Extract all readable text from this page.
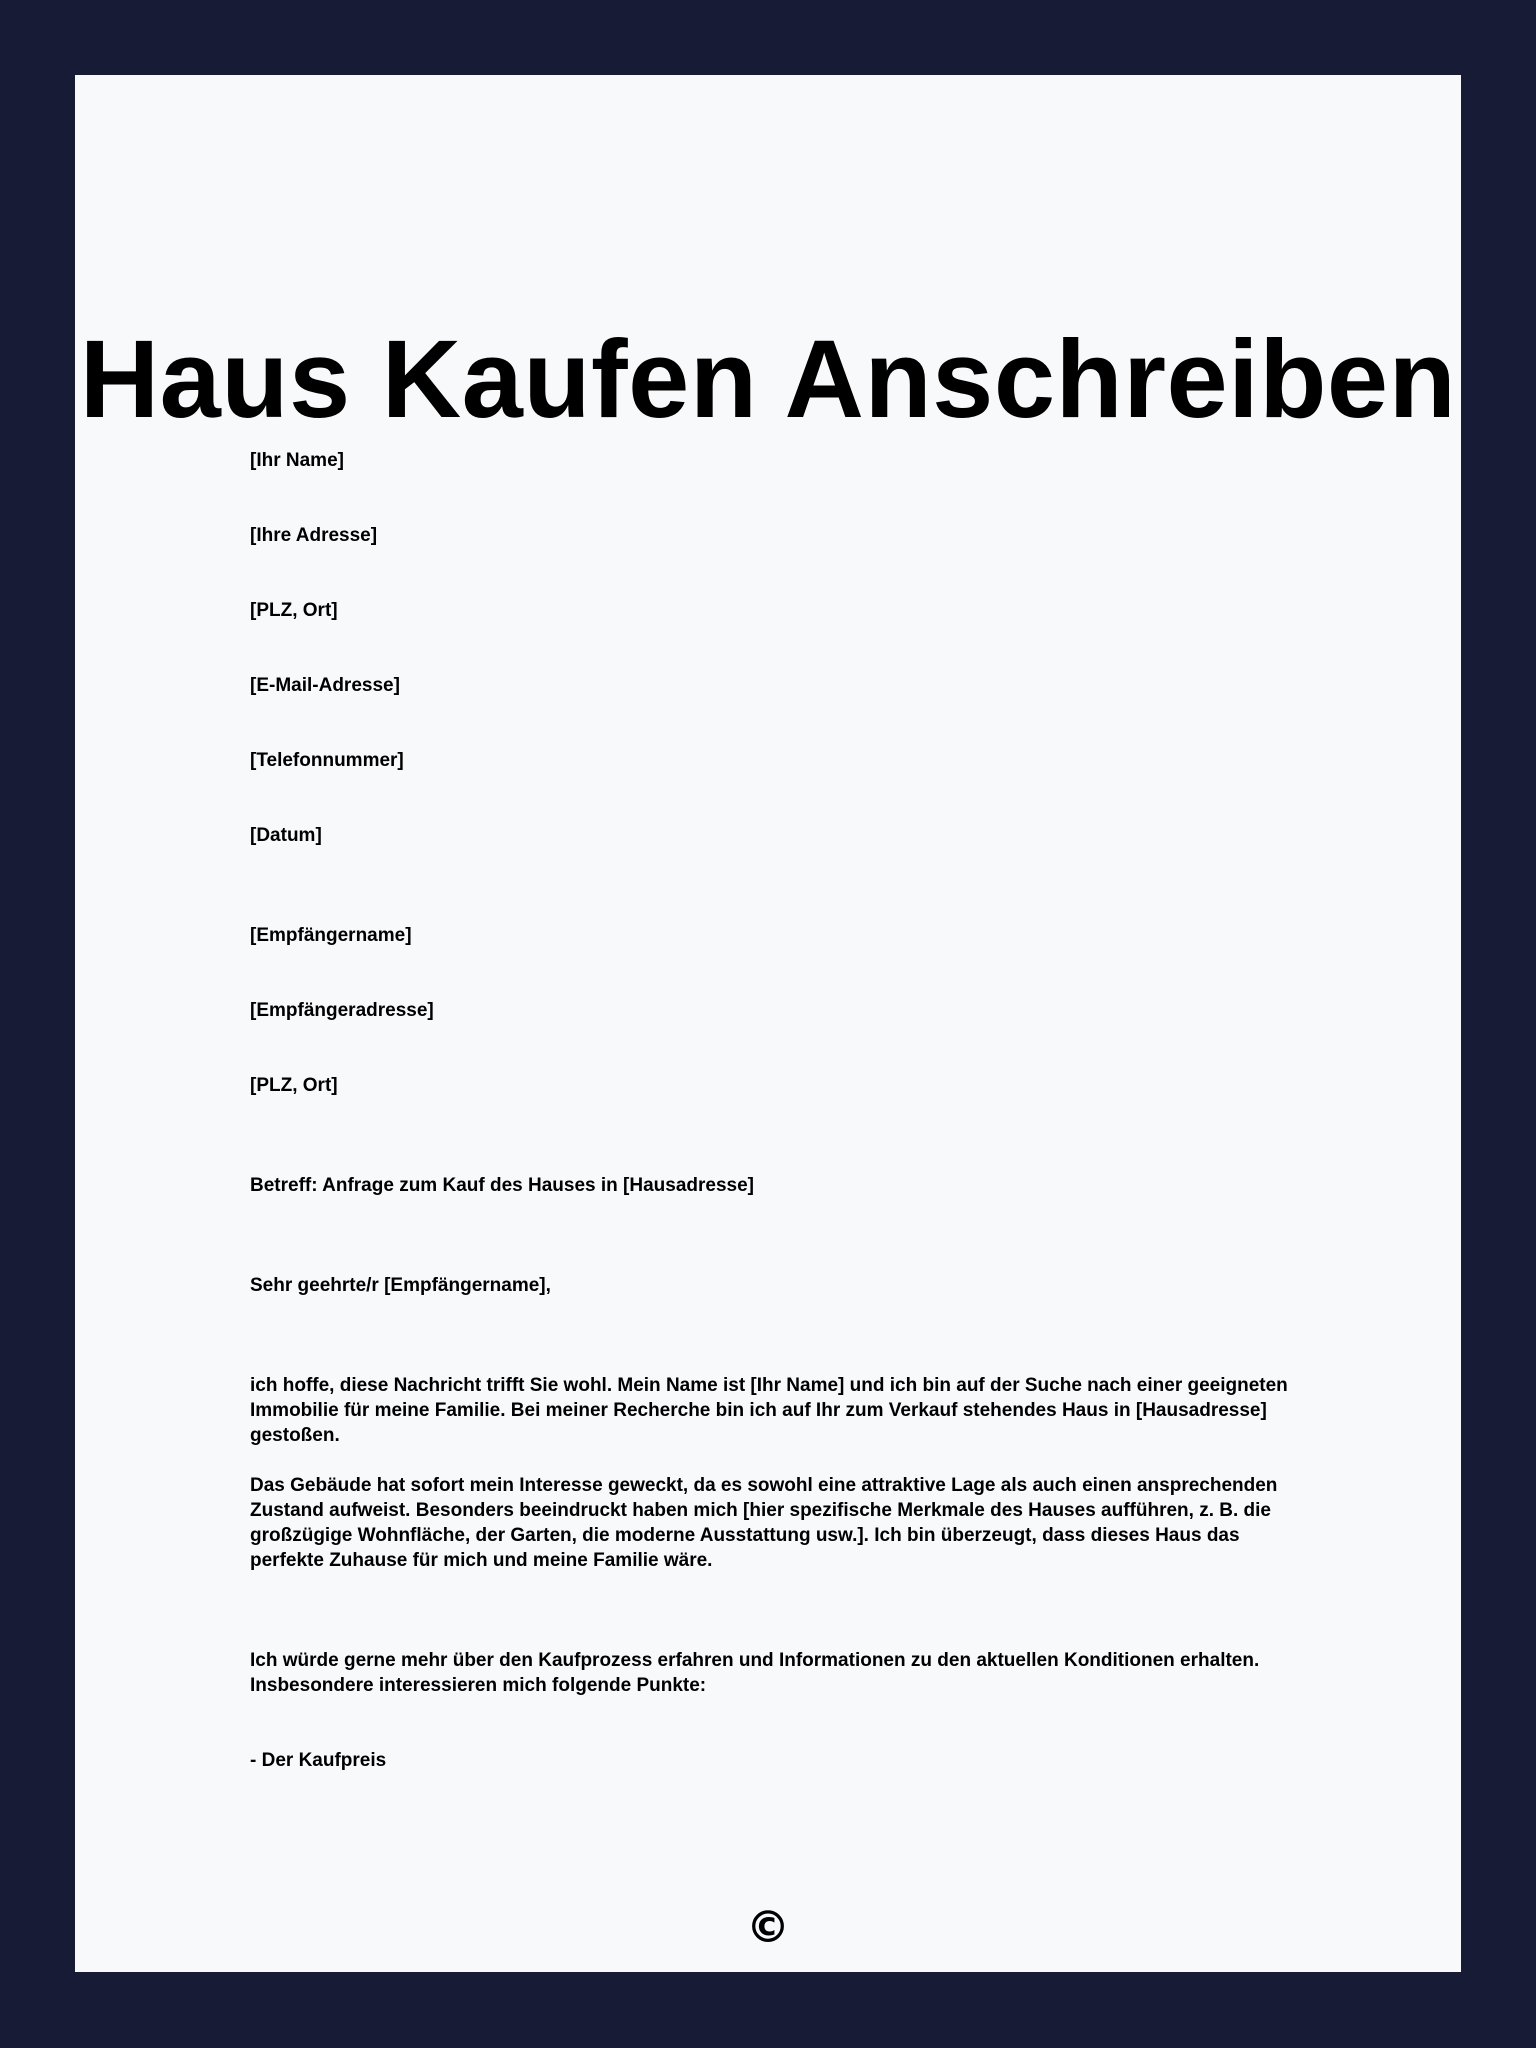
Haus Kaufen Anschreiben

[Ihr Name]

[Ihre Adresse]

[PLZ, Ort]

[E-Mail-Adresse]

[Telefonnummer]

[Datum]

[Empfängername]

[Empfängeradresse]

[PLZ, Ort]

Betreff: Anfrage zum Kauf des Hauses in [Hausadresse]

Sehr geehrte/r [Empfängername],

ich hoffe, diese Nachricht trifft Sie wohl. Mein Name ist [Ihr Name] und ich bin auf der Suche nach einer geeigneten Immobilie für meine Familie. Bei meiner Recherche bin ich auf Ihr zum Verkauf stehendes Haus in [Hausadresse] gestoßen.

Das Gebäude hat sofort mein Interesse geweckt, da es sowohl eine attraktive Lage als auch einen ansprechenden Zustand aufweist. Besonders beeindruckt haben mich [hier spezifische Merkmale des Hauses aufführen, z. B. die großzügige Wohnfläche, der Garten, die moderne Ausstattung usw.]. Ich bin überzeugt, dass dieses Haus das perfekte Zuhause für mich und meine Familie wäre.

Ich würde gerne mehr über den Kaufprozess erfahren und Informationen zu den aktuellen Konditionen erhalten. Insbesondere interessieren mich folgende Punkte:

- Der Kaufpreis

©
